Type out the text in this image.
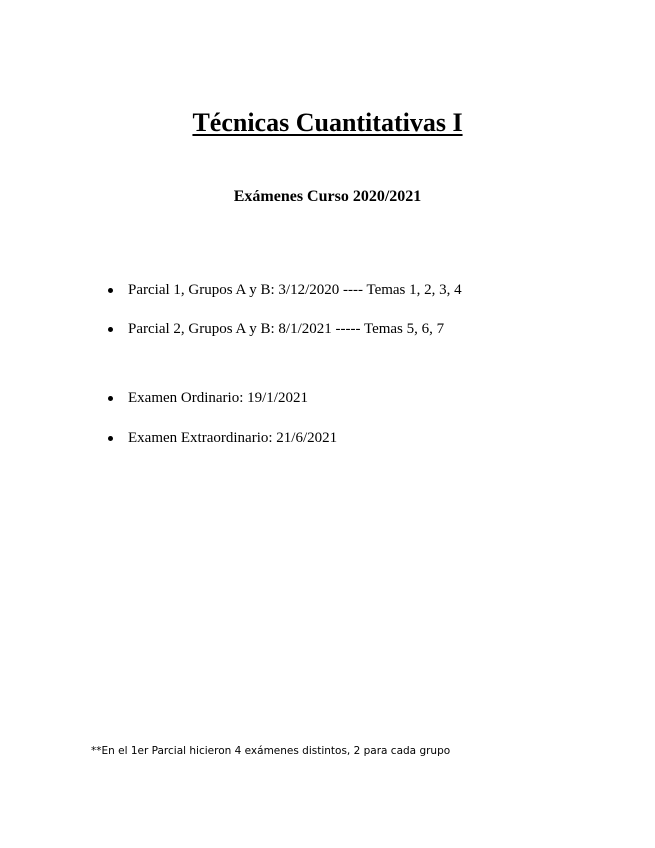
Técnicas Cuantitativas I
Exámenes Curso 2020/2021
Parcial 1, Grupos A y B: 3/12/2020 ---- Temas 1, 2, 3, 4
Parcial 2, Grupos A y B: 8/1/2021 ----- Temas 5, 6, 7
Examen Ordinario: 19/1/2021
Examen Extraordinario: 21/6/2021
**En el 1er Parcial hicieron 4 exámenes distintos, 2 para cada grupo
